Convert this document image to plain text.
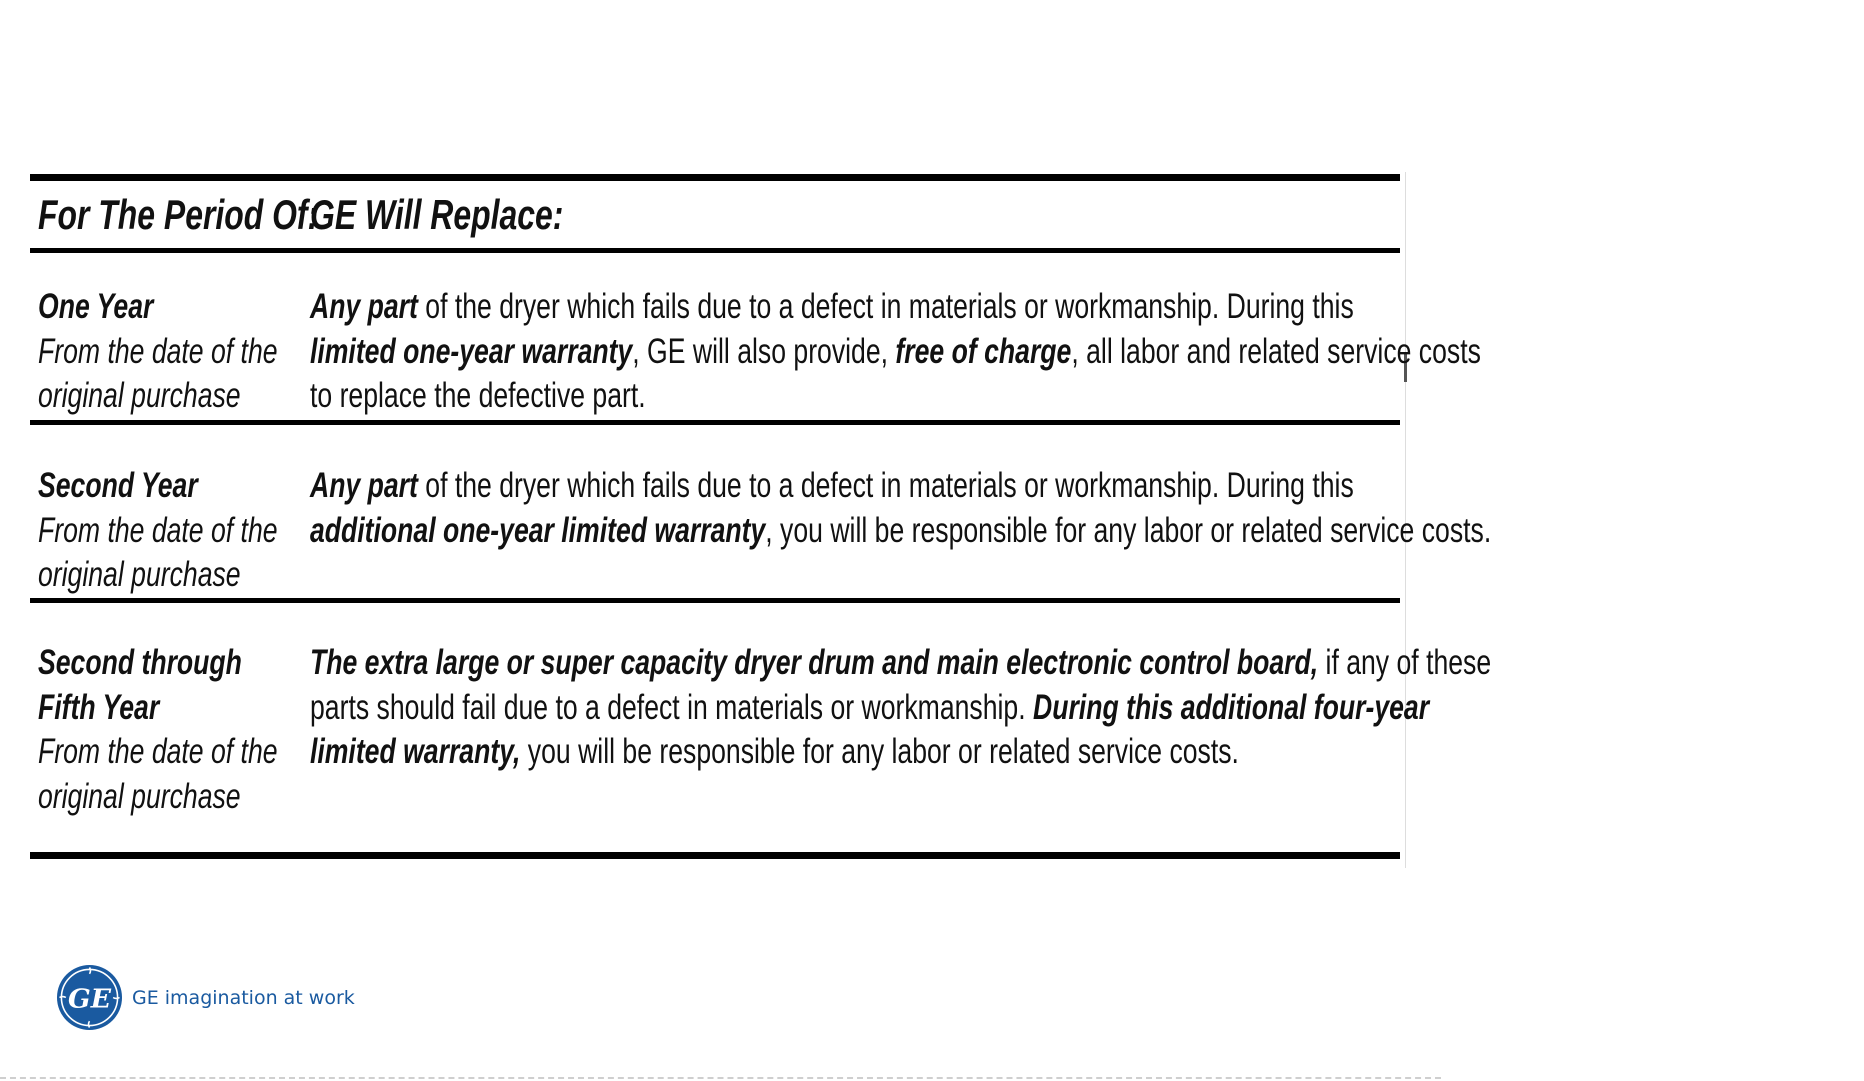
For The Period Of:
GE Will Replace:
One Year
From the date of the
original purchase
Any part of the dryer which fails due to a defect in materials or workmanship. During this
limited one-year warranty, GE will also provide, free of charge, all labor and related service costs
to replace the defective part.
Second Year
From the date of the
original purchase
Any part of the dryer which fails due to a defect in materials or workmanship. During this
additional one-year limited warranty, you will be responsible for any labor or related service costs.
Second through
Fifth Year
From the date of the
original purchase
The extra large or super capacity dryer drum and main electronic control board, if any of these
parts should fail due to a defect in materials or workmanship. During this additional four-year
limited warranty, you will be responsible for any labor or related service costs.
GE GE imagination at work
